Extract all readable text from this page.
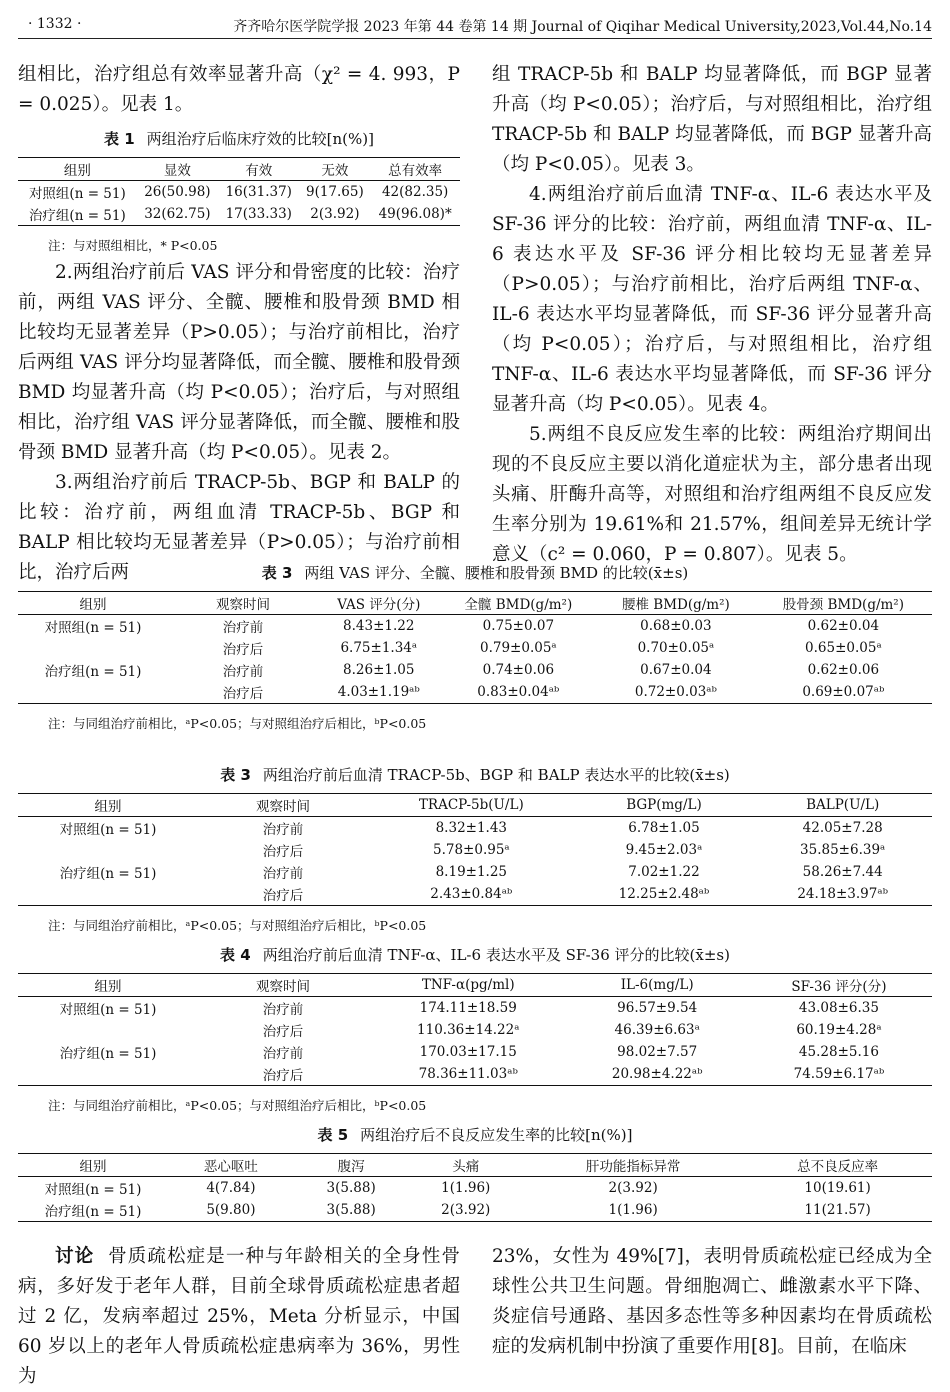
· 1332 ·	齐齐哈尔医学院学报 2023 年第 44 卷第 14 期 Journal of Qiqihar Medical University,2023,Vol.44,No.14

组相比，治疗组总有效率显著升高（χ² = 4. 993，P = 0.025）。见表 1。

表 1 两组治疗后临床疗效的比较[n(%)]

组别	显效	有效	无效	总有效率
对照组(n = 51)	26(50.98)	16(31.37)	9(17.65)	42(82.35)
治疗组(n = 51)	32(62.75)	17(33.33)	2(3.92)	49(96.08)*
注：与对照组相比，* P<0.05

2.两组治疗前后 VAS 评分和骨密度的比较：治疗前，两组 VAS 评分、全髋、腰椎和股骨颈 BMD 相比较均无显著差异（P>0.05）；与治疗前相比，治疗后两组 VAS 评分均显著降低，而全髋、腰椎和股骨颈 BMD 均显著升高（均 P<0.05）；治疗后，与对照组相比，治疗组 VAS 评分显著降低，而全髋、腰椎和股骨颈 BMD 显著升高（均 P<0.05）。见表 2。

3.两组治疗前后 TRACP-5b、BGP 和 BALP 的比较：治疗前，两组血清 TRACP-5b、BGP 和 BALP 相比较均无显著差异（P>0.05）；与治疗前相比，治疗后两

组 TRACP-5b 和 BALP 均显著降低，而 BGP 显著升高（均 P<0.05）；治疗后，与对照组相比，治疗组 TRACP-5b 和 BALP 均显著降低，而 BGP 显著升高（均 P<0.05）。见表 3。

4.两组治疗前后血清 TNF-α、IL-6 表达水平及 SF-36 评分的比较：治疗前，两组血清 TNF-α、IL-6 表达水平及 SF-36 评分相比较均无显著差异（P>0.05）；与治疗前相比，治疗后两组 TNF-α、IL-6 表达水平均显著降低，而 SF-36 评分显著升高（均 P<0.05）；治疗后，与对照组相比，治疗组 TNF-α、IL-6 表达水平均显著降低，而 SF-36 评分显著升高（均 P<0.05）。见表 4。

5.两组不良反应发生率的比较：两组治疗期间出现的不良反应主要以消化道症状为主，部分患者出现头痛、肝酶升高等，对照组和治疗组两组不良反应发生率分别为 19.61%和 21.57%，组间差异无统计学意义（c² = 0.060，P = 0.807）。见表 5。

表 3 两组 VAS 评分、全髋、腰椎和股骨颈 BMD 的比较(x̄±s)

组别	观察时间	VAS 评分(分)	全髋 BMD(g/m²)	腰椎 BMD(g/m²)	股骨颈 BMD(g/m²)
对照组(n = 51)	治疗前	8.43±1.22	0.75±0.07	0.68±0.03	0.62±0.04
	治疗后	6.75±1.34ᵃ	0.79±0.05ᵃ	0.70±0.05ᵃ	0.65±0.05ᵃ
治疗组(n = 51)	治疗前	8.26±1.05	0.74±0.06	0.67±0.04	0.62±0.06
	治疗后	4.03±1.19ᵃᵇ	0.83±0.04ᵃᵇ	0.72±0.03ᵃᵇ	0.69±0.07ᵃᵇ
注：与同组治疗前相比，ᵃP<0.05；与对照组治疗后相比，ᵇP<0.05

表 3 两组治疗前后血清 TRACP-5b、BGP 和 BALP 表达水平的比较(x̄±s)

组别	观察时间	TRACP-5b(U/L)	BGP(mg/L)	BALP(U/L)
对照组(n = 51)	治疗前	8.32±1.43	6.78±1.05	42.05±7.28
	治疗后	5.78±0.95ᵃ	9.45±2.03ᵃ	35.85±6.39ᵃ
治疗组(n = 51)	治疗前	8.19±1.25	7.02±1.22	58.26±7.44
	治疗后	2.43±0.84ᵃᵇ	12.25±2.48ᵃᵇ	24.18±3.97ᵃᵇ
注：与同组治疗前相比，ᵃP<0.05；与对照组治疗后相比，ᵇP<0.05

表 4 两组治疗前后血清 TNF-α、IL-6 表达水平及 SF-36 评分的比较(x̄±s)

组别	观察时间	TNF-α(pg/ml)	IL-6(mg/L)	SF-36 评分(分)
对照组(n = 51)	治疗前	174.11±18.59	96.57±9.54	43.08±6.35
	治疗后	110.36±14.22ᵃ	46.39±6.63ᵃ	60.19±4.28ᵃ
治疗组(n = 51)	治疗前	170.03±17.15	98.02±7.57	45.28±5.16
	治疗后	78.36±11.03ᵃᵇ	20.98±4.22ᵃᵇ	74.59±6.17ᵃᵇ
注：与同组治疗前相比，ᵃP<0.05；与对照组治疗后相比，ᵇP<0.05

表 5 两组治疗后不良反应发生率的比较[n(%)]

组别	恶心呕吐	腹泻	头痛	肝功能指标异常	总不良反应率
对照组(n = 51)	4(7.84)	3(5.88)	1(1.96)	2(3.92)	10(19.61)
治疗组(n = 51)	5(9.80)	3(5.88)	2(3.92)	1(1.96)	11(21.57)

讨论 骨质疏松症是一种与年龄相关的全身性骨病，多好发于老年人群，目前全球骨质疏松症患者超过 2 亿，发病率超过 25%，Meta 分析显示，中国 60 岁以上的老年人骨质疏松症患病率为 36%，男性为

23%，女性为 49%[7]，表明骨质疏松症已经成为全球性公共卫生问题。骨细胞凋亡、雌激素水平下降、炎症信号通路、基因多态性等多种因素均在骨质疏松症的发病机制中扮演了重要作用[8]。目前，在临床
